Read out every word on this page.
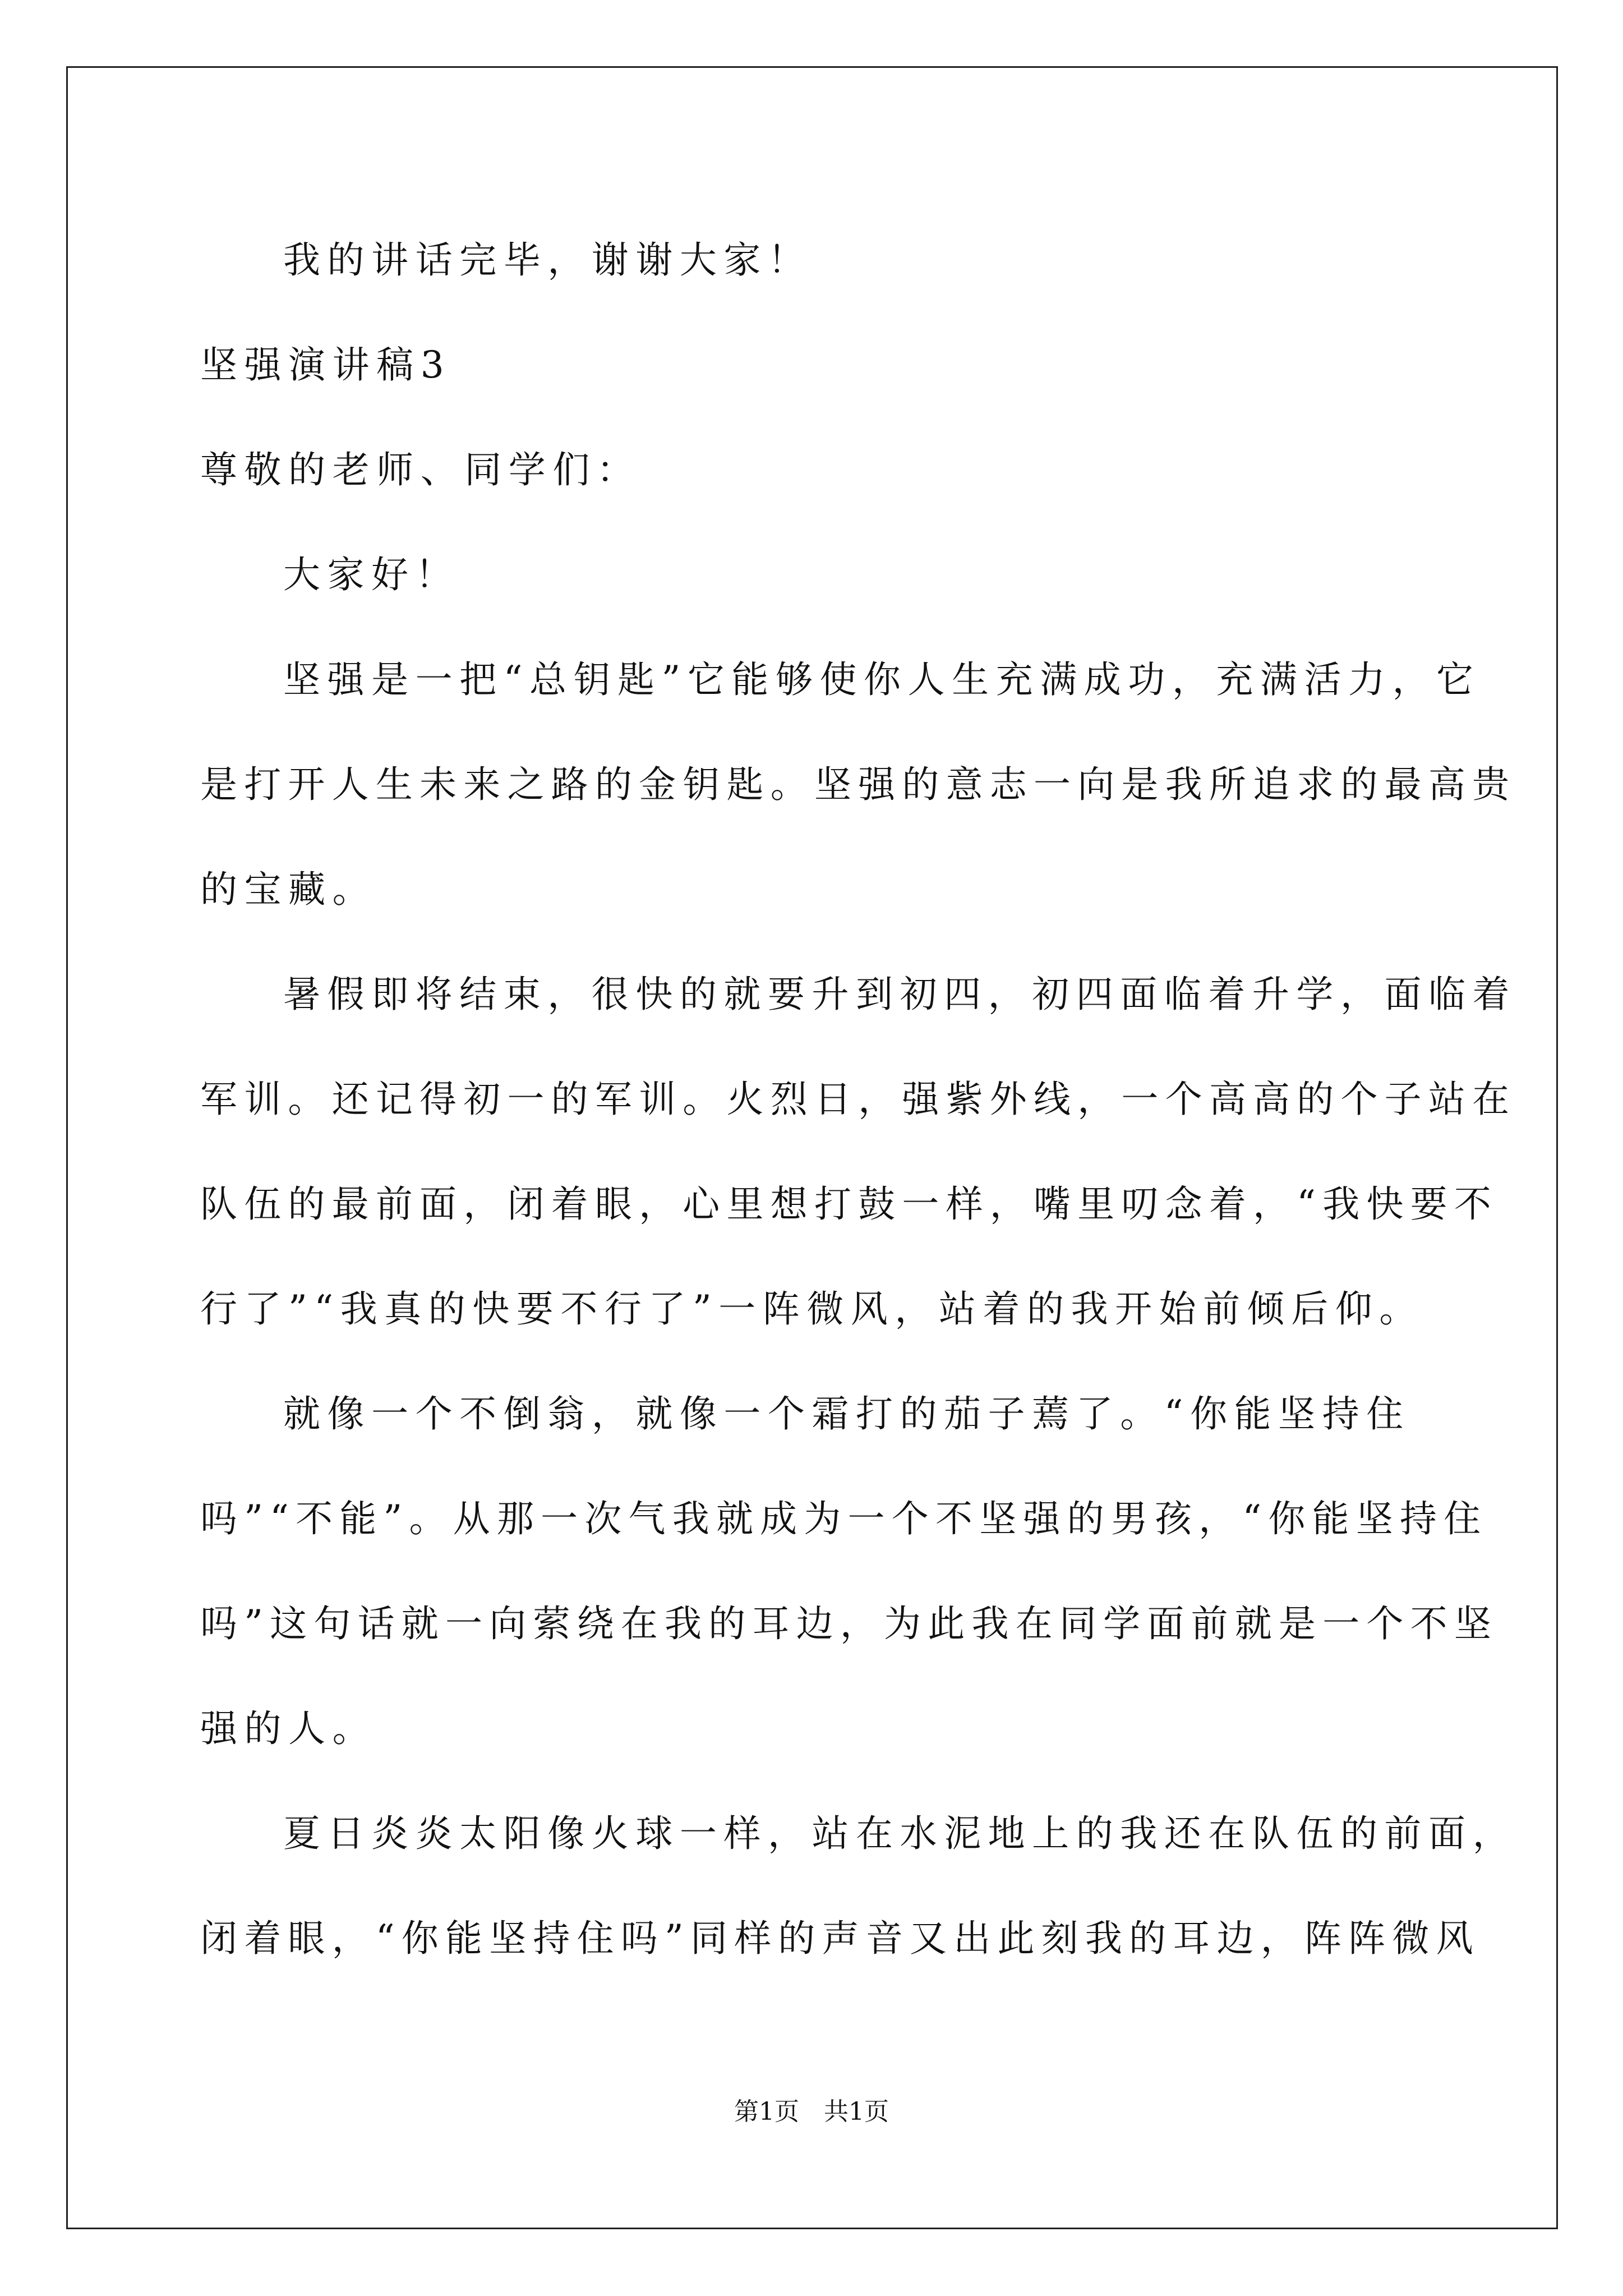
我的讲话完毕，谢谢大家！
坚强演讲稿3
尊敬的老师、同学们：
大家好！
坚强是一把“总钥匙”它能够使你人生充满成功，充满活力，它
是打开人生未来之路的金钥匙。坚强的意志一向是我所追求的最高贵
的宝藏。
暑假即将结束，很快的就要升到初四，初四面临着升学，面临着
军训。还记得初一的军训。火烈日，强紫外线，一个高高的个子站在
队伍的最前面，闭着眼，心里想打鼓一样，嘴里叨念着，“我快要不
行了”“我真的快要不行了”一阵微风，站着的我开始前倾后仰。
就像一个不倒翁，就像一个霜打的茄子蔫了。“你能坚持住
吗”“不能”。从那一次气我就成为一个不坚强的男孩，“你能坚持住
吗”这句话就一向萦绕在我的耳边，为此我在同学面前就是一个不坚
强的人。
夏日炎炎太阳像火球一样，站在水泥地上的我还在队伍的前面，
闭着眼，“你能坚持住吗”同样的声音又出此刻我的耳边，阵阵微风
第1页　共1页
